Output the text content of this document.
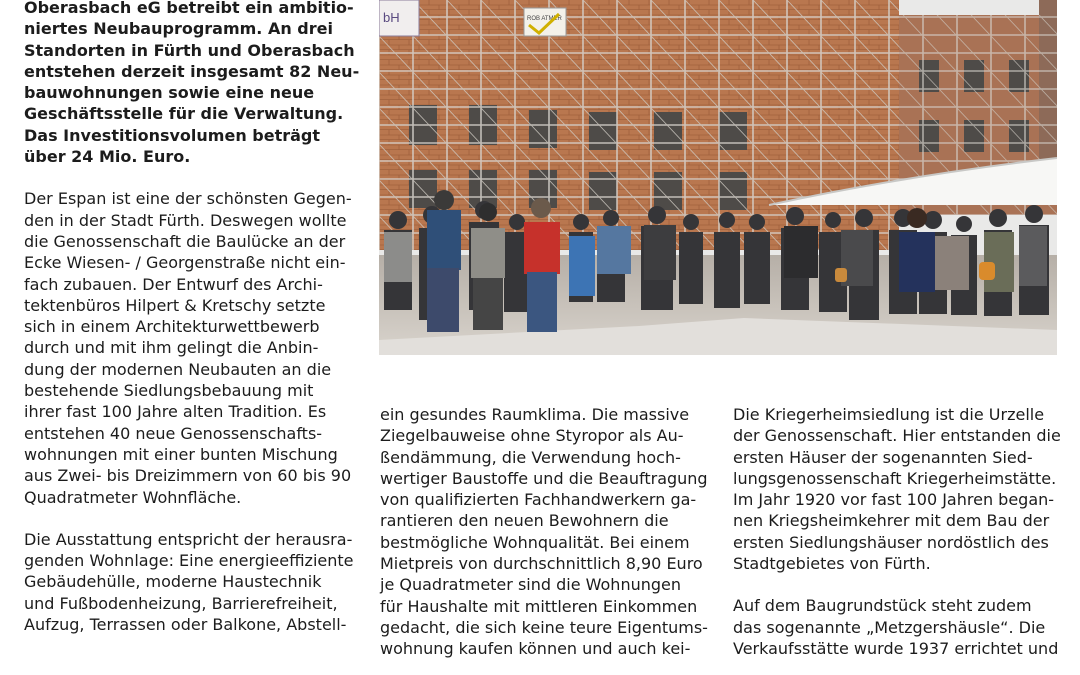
Oberasbach eG betreibt ein ambitio-

niertes Neubauprogramm. An drei

Standorten in Fürth und Oberasbach

entstehen derzeit insgesamt 82 Neu-

bauwohnungen sowie eine neue

Geschäftsstelle für die Verwaltung.

Das Investitionsvolumen beträgt

über 24 Mio. Euro.

Der Espan ist eine der schönsten Gegen-

den in der Stadt Fürth. Deswegen wollte

die Genossenschaft die Baulücke an der

Ecke Wiesen- / Georgenstraße nicht ein-

fach zubauen. Der Entwurf des Archi-

tektenbüros Hilpert & Kretschy setzte

sich in einem Architekturwettbewerb

durch und mit ihm gelingt die Anbin-

dung der modernen Neubauten an die

bestehende Siedlungsbebauung mit

ihrer fast 100 Jahre alten Tradition. Es

entstehen 40 neue Genossenschafts-

wohnungen mit einer bunten Mischung

aus Zwei- bis Dreizimmern von 60 bis 90

Quadratmeter Wohnfläche.

Die Ausstattung entspricht der herausra-

genden Wohnlage: Eine energieeffiziente

Gebäudehülle, moderne Haustechnik

und Fußbodenheizung, Barrierefreiheit,

Aufzug, Terrassen oder Balkone, Abstell-

bH	ROB ATMER

ein gesundes Raumklima. Die massive

Ziegelbauweise ohne Styropor als Au-

ßendämmung, die Verwendung hoch-

wertiger Baustoffe und die Beauftragung

von qualifizierten Fachhandwerkern ga-

rantieren den neuen Bewohnern die

bestmögliche Wohnqualität. Bei einem

Mietpreis von durchschnittlich 8,90 Euro

je Quadratmeter sind die Wohnungen

für Haushalte mit mittleren Einkommen

gedacht, die sich keine teure Eigentums-

wohnung kaufen können und auch kei-

Die Kriegerheimsiedlung ist die Urzelle

der Genossenschaft. Hier entstanden die

ersten Häuser der sogenannten Sied-

lungsgenossenschaft Kriegerheimstätte.

Im Jahr 1920 vor fast 100 Jahren began-

nen Kriegsheimkehrer mit dem Bau der

ersten Siedlungshäuser nordöstlich des

Stadtgebietes von Fürth.

Auf dem Baugrundstück steht zudem

das sogenannte „Metzgershäusle“. Die

Verkaufsstätte wurde 1937 errichtet und
